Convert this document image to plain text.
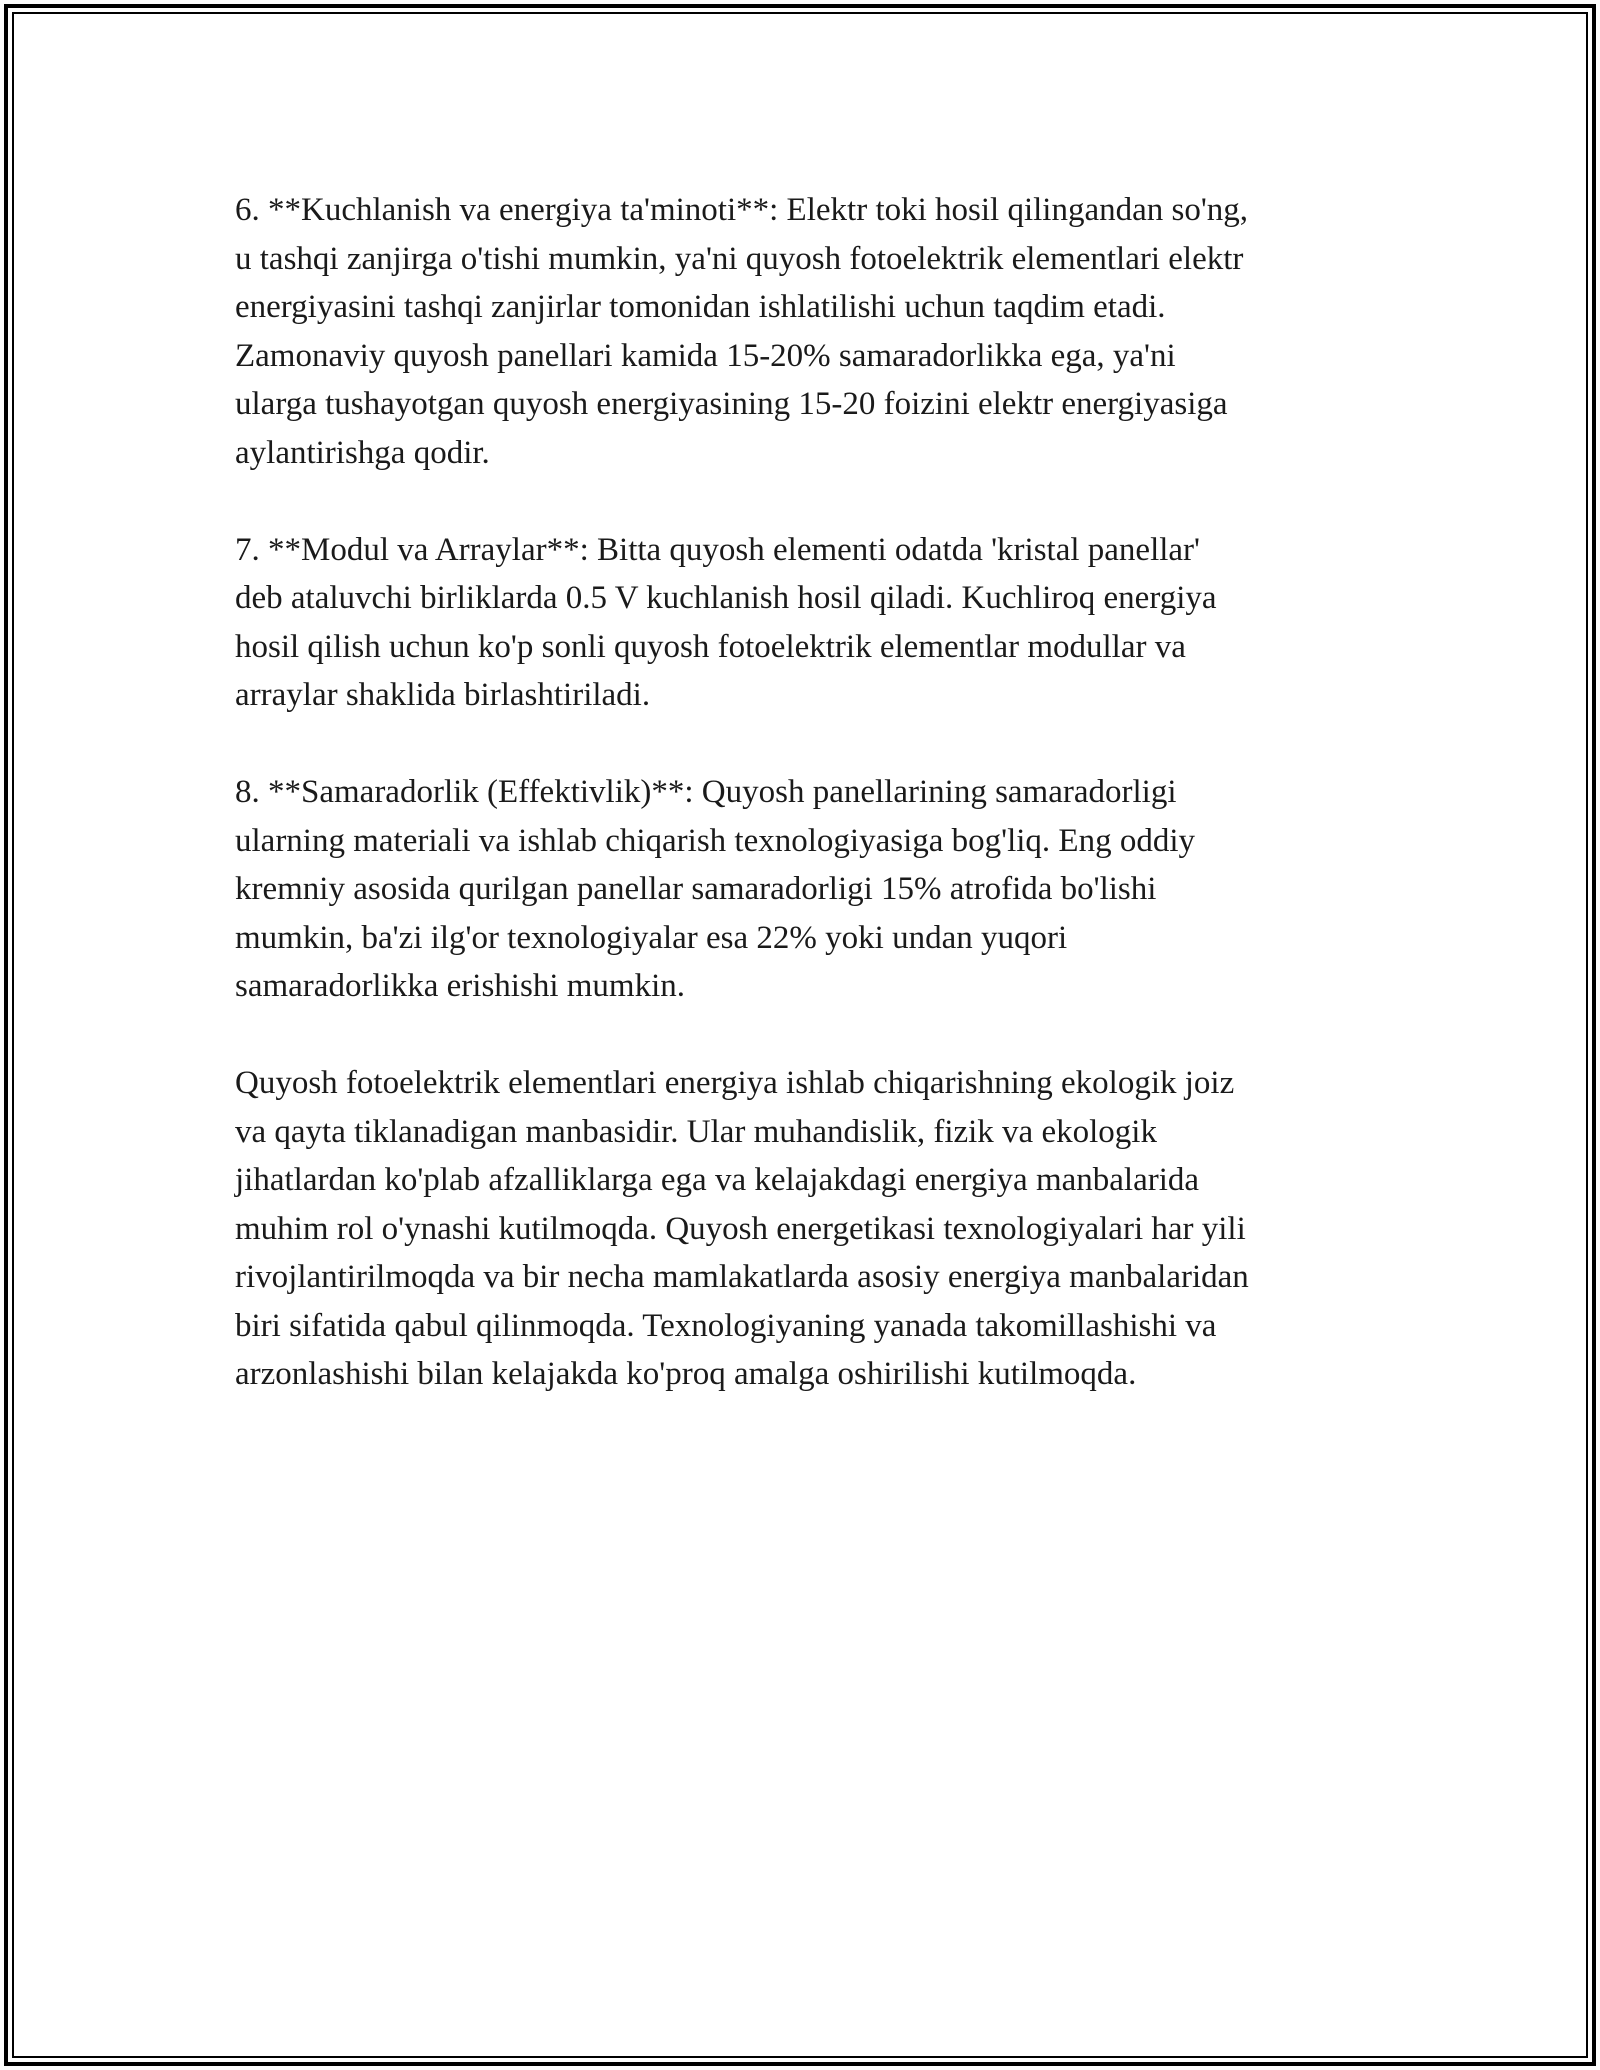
6. **Kuchlanish va energiya ta'minoti**: Elektr toki hosil qilingandan so'ng,
u tashqi zanjirga o'tishi mumkin, ya'ni quyosh fotoelektrik elementlari elektr
energiyasini tashqi zanjirlar tomonidan ishlatilishi uchun taqdim etadi.
Zamonaviy quyosh panellari kamida 15-20% samaradorlikka ega, ya'ni
ularga tushayotgan quyosh energiyasining 15-20 foizini elektr energiyasiga
aylantirishga qodir.

7. **Modul va Arraylar**: Bitta quyosh elementi odatda 'kristal panellar'
deb ataluvchi birliklarda 0.5 V kuchlanish hosil qiladi. Kuchliroq energiya
hosil qilish uchun ko'p sonli quyosh fotoelektrik elementlar modullar va
arraylar shaklida birlashtiriladi.

8. **Samaradorlik (Effektivlik)**: Quyosh panellarining samaradorligi
ularning materiali va ishlab chiqarish texnologiyasiga bog'liq. Eng oddiy
kremniy asosida qurilgan panellar samaradorligi 15% atrofida bo'lishi
mumkin, ba'zi ilg'or texnologiyalar esa 22% yoki undan yuqori
samaradorlikka erishishi mumkin.

Quyosh fotoelektrik elementlari energiya ishlab chiqarishning ekologik joiz
va qayta tiklanadigan manbasidir. Ular muhandislik, fizik va ekologik
jihatlardan ko'plab afzalliklarga ega va kelajakdagi energiya manbalarida
muhim rol o'ynashi kutilmoqda. Quyosh energetikasi texnologiyalari har yili
rivojlantirilmoqda va bir necha mamlakatlarda asosiy energiya manbalaridan
biri sifatida qabul qilinmoqda. Texnologiyaning yanada takomillashishi va
arzonlashishi bilan kelajakda ko'proq amalga oshirilishi kutilmoqda.
